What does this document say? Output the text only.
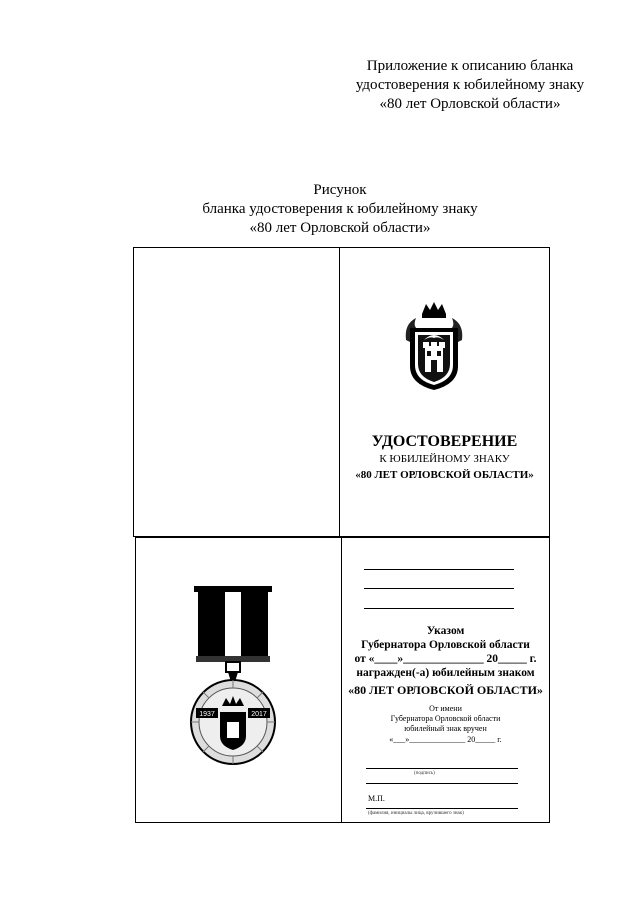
Приложение к описанию бланка
удостоверения к юбилейному знаку
«80 лет Орловской области»
Рисунок
бланка удостоверения к юбилейному знаку
«80 лет Орловской области»
УДОСТОВЕРЕНИЕ
К ЮБИЛЕЙНОМУ ЗНАКУ
«80 ЛЕТ ОРЛОВСКОЙ ОБЛАСТИ»
1937	2017
Указом
Губернатора Орловской области
от «____»______________ 20_____ г.
награжден(-а) юбилейным знаком
«80 ЛЕТ ОРЛОВСКОЙ ОБЛАСТИ»
От имени
Губернатора Орловской области
юбилейный знак вручен
«___»______________ 20_____ г.
(подпись)
М.П.
(фамилия, инициалы лица, вручившего знак)
